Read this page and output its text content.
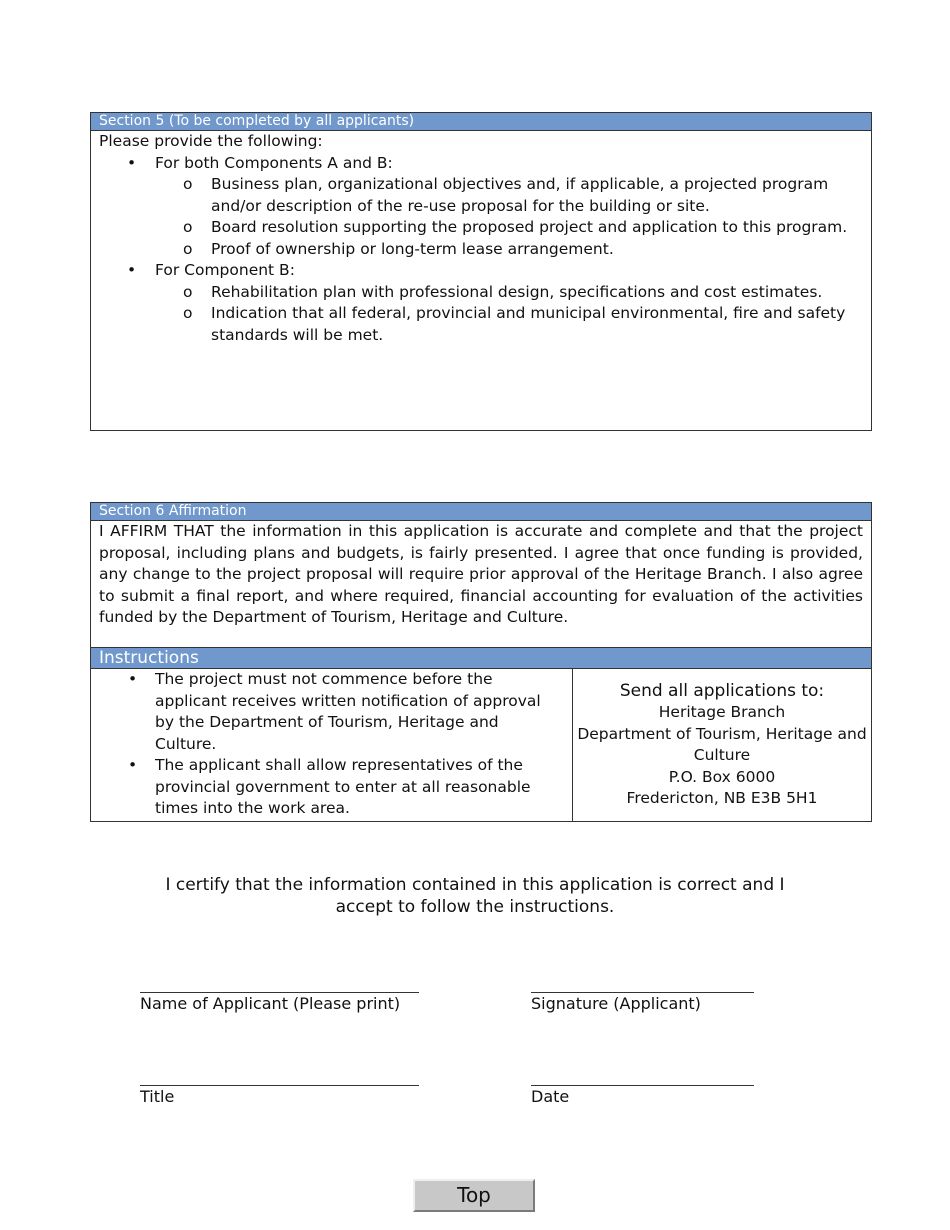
Section 5 (To be completed by all applicants)
Please provide the following:
• For both Components A and B:
o Business plan, organizational objectives and, if applicable, a projected program and/or description of the re-use proposal for the building or site.
o Board resolution supporting the proposed project and application to this program.
o Proof of ownership or long-term lease arrangement.
• For Component B:
o Rehabilitation plan with professional design, specifications and cost estimates.
o Indication that all federal, provincial and municipal environmental, fire and safety standards will be met.
Section 6 Affirmation
I AFFIRM THAT the information in this application is accurate and complete and that the project proposal, including plans and budgets, is fairly presented. I agree that once funding is provided, any change to the project proposal will require prior approval of the Heritage Branch. I also agree to submit a final report, and where required, financial accounting for evaluation of the activities funded by the Department of Tourism, Heritage and Culture.
Instructions
• The project must not commence before the applicant receives written notification of approval by the Department of Tourism, Heritage and Culture.
• The applicant shall allow representatives of the provincial government to enter at all reasonable times into the work area.
Send all applications to:
Heritage Branch
Department of Tourism, Heritage and Culture
P.O. Box 6000
Fredericton, NB E3B 5H1
I certify that the information contained in this application is correct and I accept to follow the instructions.
Name of Applicant (Please print)	Signature (Applicant)
Title	Date
Top
